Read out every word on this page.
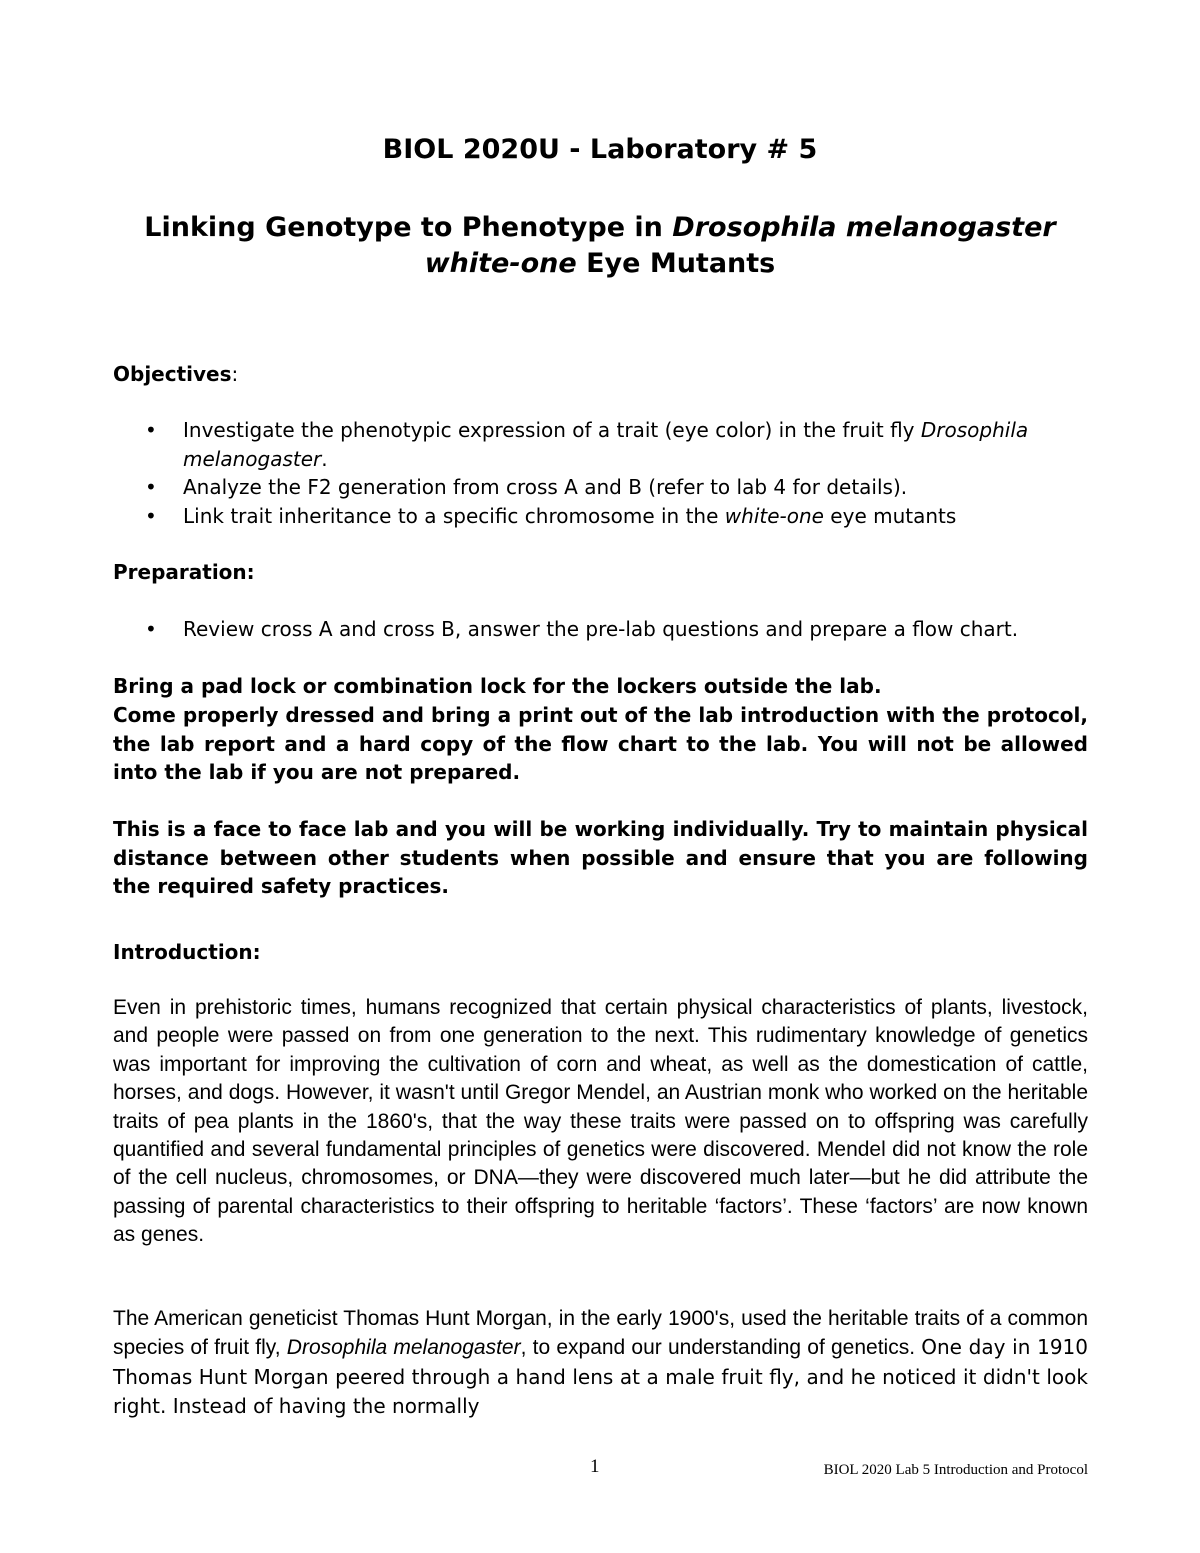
BIOL 2020U - Laboratory # 5
Linking Genotype to Phenotype in Drosophila melanogaster
white-one Eye Mutants

Objectives:

• Investigate the phenotypic expression of a trait (eye color) in the fruit fly Drosophila melanogaster.
• Analyze the F2 generation from cross A and B (refer to lab 4 for details).
• Link trait inheritance to a specific chromosome in the white-one eye mutants

Preparation:

• Review cross A and cross B, answer the pre-lab questions and prepare a flow chart.

Bring a pad lock or combination lock for the lockers outside the lab.

Come properly dressed and bring a print out of the lab introduction with the protocol, the lab report and a hard copy of the flow chart to the lab. You will not be allowed into the lab if you are not prepared.

This is a face to face lab and you will be working individually. Try to maintain physical distance between other students when possible and ensure that you are following the required safety practices.

Introduction:

Even in prehistoric times, humans recognized that certain physical characteristics of plants, livestock, and people were passed on from one generation to the next. This rudimentary knowledge of genetics was important for improving the cultivation of corn and wheat, as well as the domestication of cattle, horses, and dogs. However, it wasn't until Gregor Mendel, an Austrian monk who worked on the heritable traits of pea plants in the 1860's, that the way these traits were passed on to offspring was carefully quantified and several fundamental principles of genetics were discovered. Mendel did not know the role of the cell nucleus, chromosomes, or DNA—they were discovered much later—but he did attribute the passing of parental characteristics to their offspring to heritable ‘factors’. These ‘factors’ are now known as genes.

The American geneticist Thomas Hunt Morgan, in the early 1900's, used the heritable traits of a common species of fruit fly, Drosophila melanogaster, to expand our understanding of genetics. One day in 1910 Thomas Hunt Morgan peered through a hand lens at a male fruit fly, and he noticed it didn't look right. Instead of having the normally

1	BIOL 2020 Lab 5 Introduction and Protocol
